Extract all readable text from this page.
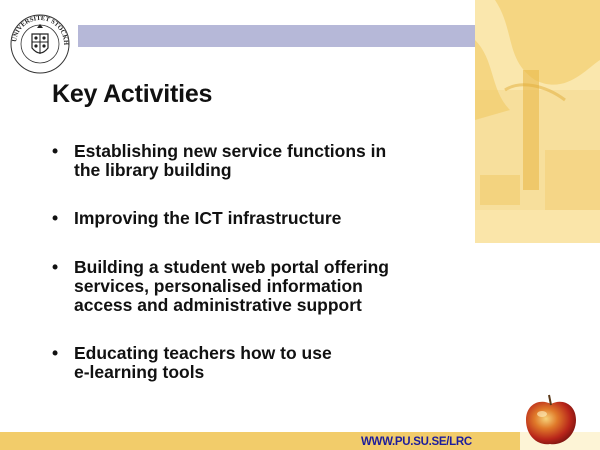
UNIVERSITET STOCKH
Key Activities
• Establishing new service functions in
the library building
• Improving the ICT infrastructure
• Building a student web portal offering
services, personalised information
access and administrative support
• Educating teachers how to use
e-learning tools
WWW.PU.SU.SE/LRC
